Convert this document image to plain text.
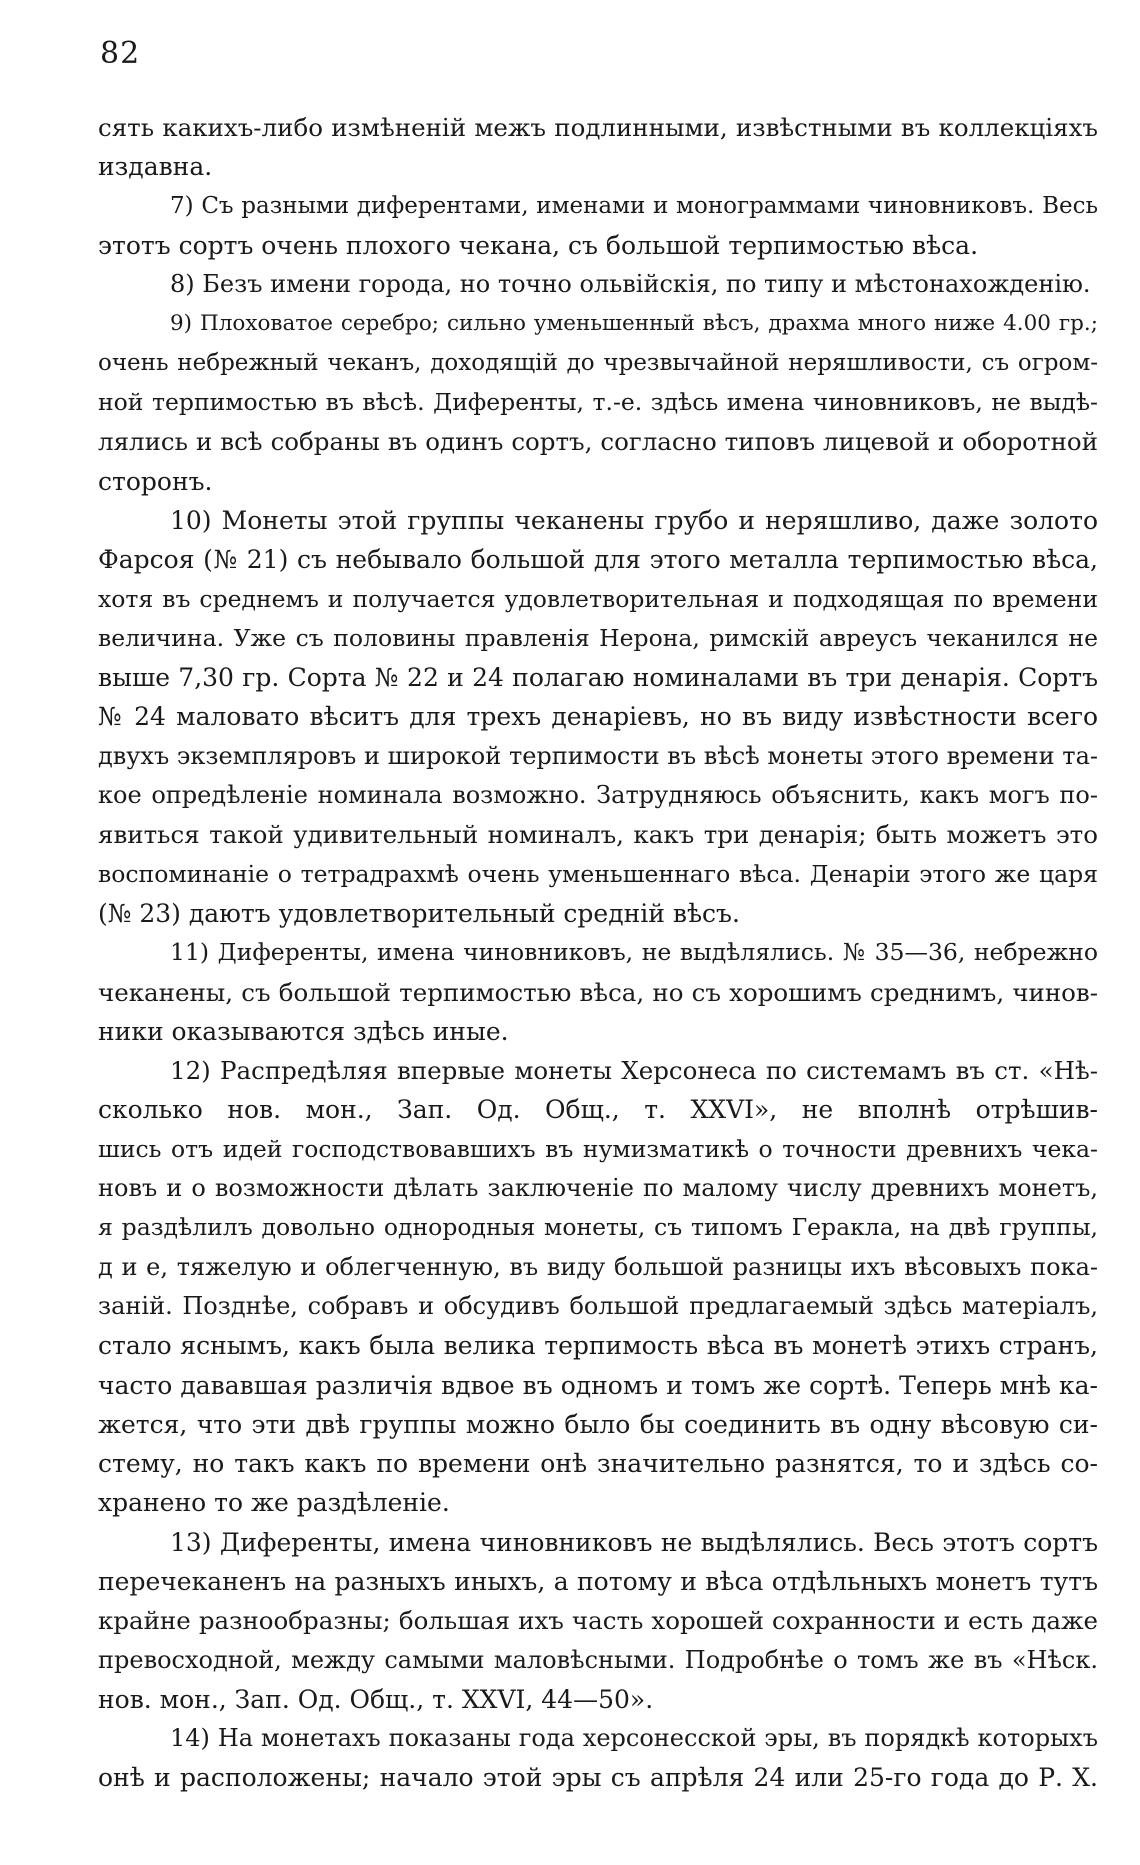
82
сять какихъ-либо измѣненій межъ подлинными, извѣстными въ коллекціяхъ
издавна.
7) Съ разными диферентами, именами и монограммами чиновниковъ. Весь
этотъ сортъ очень плохого чекана, съ большой терпимостью вѣса.
8) Безъ имени города, но точно ольвійскія, по типу и мѣстонахожденію.
9) Плоховатое серебро; сильно уменьшенный вѣсъ, драхма много ниже 4.00 гр.;
очень небрежный чеканъ, доходящій до чрезвычайной неряшливости, съ огром-
ной терпимостью въ вѣсѣ. Диференты, т.-е. здѣсь имена чиновниковъ, не выдѣ-
лялись и всѣ собраны въ одинъ сортъ, согласно типовъ лицевой и оборотной
сторонъ.
10) Монеты этой группы чеканены грубо и неряшливо, даже золото
Фарсоя (№ 21) съ небывало большой для этого металла терпимостью вѣса,
хотя въ среднемъ и получается удовлетворительная и подходящая по времени
величина. Уже съ половины правленія Нерона, римскій авреусъ чеканился не
выше 7,30 гр. Сорта № 22 и 24 полагаю номиналами въ три денарія. Сортъ
№ 24 маловато вѣситъ для трехъ денаріевъ, но въ виду извѣстности всего
двухъ экземпляровъ и широкой терпимости въ вѣсѣ монеты этого времени та-
кое опредѣленіе номинала возможно. Затрудняюсь объяснить, какъ могъ по-
явиться такой удивительный номиналъ, какъ три денарія; быть можетъ это
воспоминаніе о тетрадрахмѣ очень уменьшеннаго вѣса. Денаріи этого же царя
(№ 23) даютъ удовлетворительный средній вѣсъ.
11) Диференты, имена чиновниковъ, не выдѣлялись. № 35—36, небрежно
чеканены, съ большой терпимостью вѣса, но съ хорошимъ среднимъ, чинов-
ники оказываются здѣсь иные.
12) Распредѣляя впервые монеты Херсонеса по системамъ въ ст. «Нѣ-
сколько нов. мон., Зап. Од. Общ., т. XXVI», не вполнѣ отрѣшив-
шись отъ идей господствовавшихъ въ нумизматикѣ о точности древнихъ чека-
новъ и о возможности дѣлать заключеніе по малому числу древнихъ монетъ,
я раздѣлилъ довольно однородныя монеты, съ типомъ Геракла, на двѣ группы,
д и е, тяжелую и облегченную, въ виду большой разницы ихъ вѣсовыхъ пока-
заній. Позднѣе, собравъ и обсудивъ большой предлагаемый здѣсь матеріалъ,
стало яснымъ, какъ была велика терпимость вѣса въ монетѣ этихъ странъ,
часто дававшая различія вдвое въ одномъ и томъ же сортѣ. Теперь мнѣ ка-
жется, что эти двѣ группы можно было бы соединить въ одну вѣсовую си-
стему, но такъ какъ по времени онѣ значительно разнятся, то и здѣсь со-
хранено то же раздѣленіе.
13) Диференты, имена чиновниковъ не выдѣлялись. Весь этотъ сортъ
перечеканенъ на разныхъ иныхъ, а потому и вѣса отдѣльныхъ монетъ тутъ
крайне разнообразны; большая ихъ часть хорошей сохранности и есть даже
превосходной, между самыми маловѣсными. Подробнѣе о томъ же въ «Нѣск.
нов. мон., Зап. Од. Общ., т. XXVI, 44—50».
14) На монетахъ показаны года херсонесской эры, въ порядкѣ которыхъ
онѣ и расположены; начало этой эры съ апрѣля 24 или 25-го года до Р. Х.
